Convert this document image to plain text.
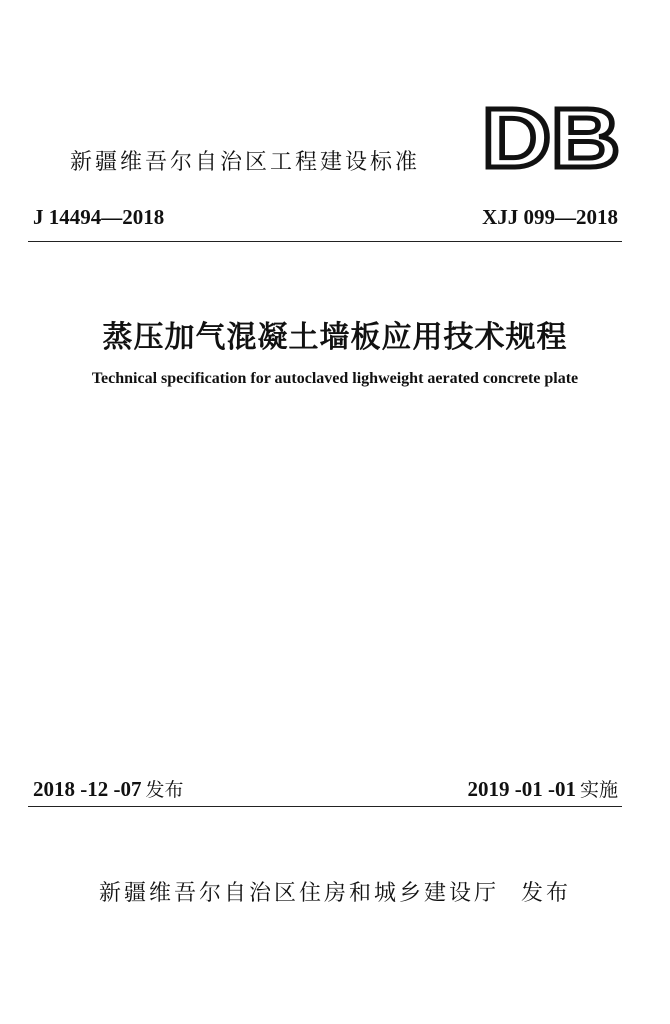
新疆维吾尔自治区工程建设标准 DB
J 14494—2018	XJJ 099—2018
蒸压加气混凝土墙板应用技术规程
Technical specification for autoclaved lighweight aerated concrete plate
2018 -12 -07 发布	2019 -01 -01 实施
新疆维吾尔自治区住房和城乡建设厅 发布
